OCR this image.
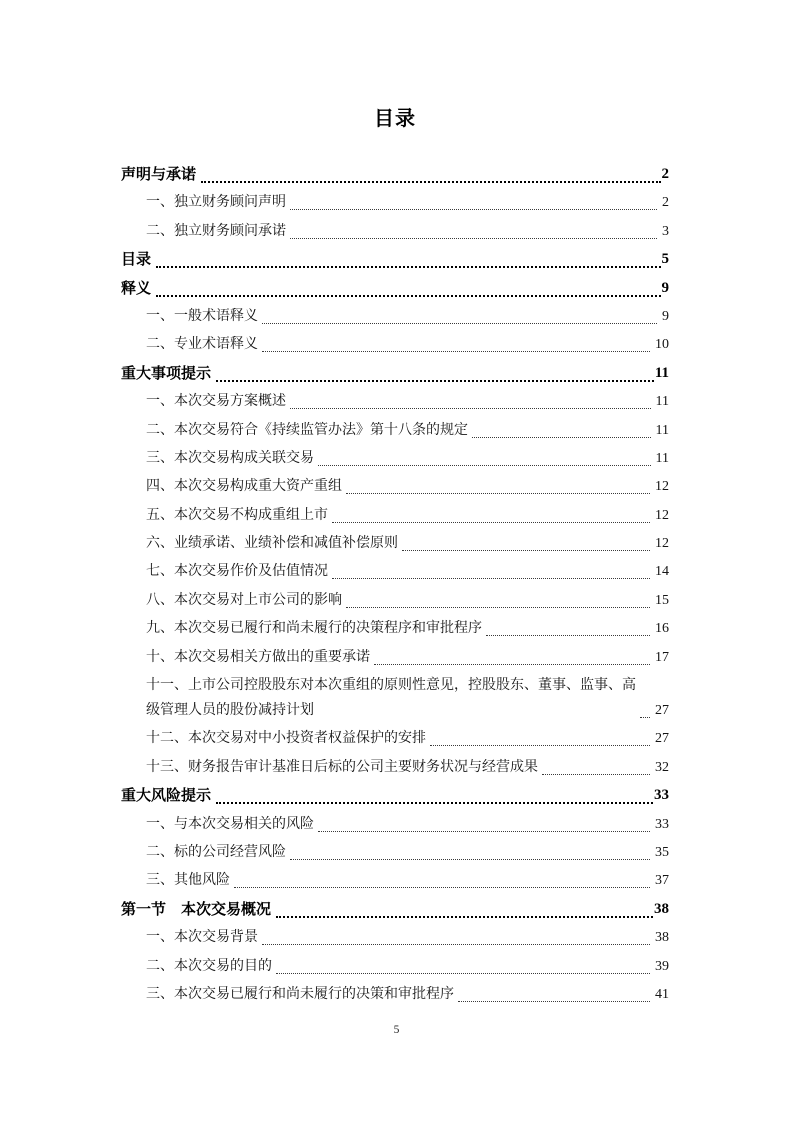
目录
声明与承诺	2
一、独立财务顾问声明	2
二、独立财务顾问承诺	3
目录	5
释义	9
一、一般术语释义	9
二、专业术语释义	10
重大事项提示	11
一、本次交易方案概述	11
二、本次交易符合《持续监管办法》第十八条的规定	11
三、本次交易构成关联交易	11
四、本次交易构成重大资产重组	12
五、本次交易不构成重组上市	12
六、业绩承诺、业绩补偿和减值补偿原则	12
七、本次交易作价及估值情况	14
八、本次交易对上市公司的影响	15
九、本次交易已履行和尚未履行的决策程序和审批程序	16
十、本次交易相关方做出的重要承诺	17
十一、上市公司控股股东对本次重组的原则性意见，控股股东、董事、监事、高级管理人员的股份减持计划	27
十二、本次交易对中小投资者权益保护的安排	27
十三、财务报告审计基准日后标的公司主要财务状况与经营成果	32
重大风险提示	33
一、与本次交易相关的风险	33
二、标的公司经营风险	35
三、其他风险	37
第一节　本次交易概况	38
一、本次交易背景	38
二、本次交易的目的	39
三、本次交易已履行和尚未履行的决策和审批程序	41
5
